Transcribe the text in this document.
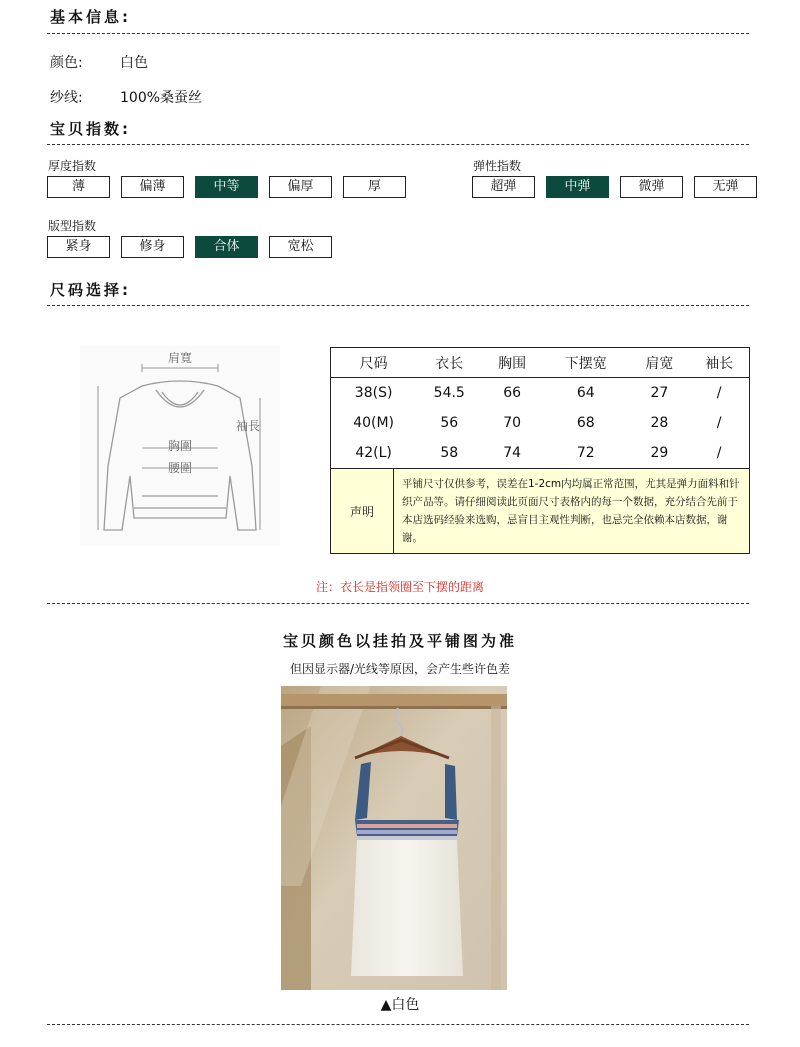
基本信息:
颜色:	白色
纱线:	100%桑蚕丝
宝贝指数:
厚度指数
薄	偏薄	中等	偏厚	厚
弹性指数
超弹	中弹	微弹	无弹
版型指数
紧身	修身	合体	宽松
尺码选择:
肩寬
袖長
胸圍
腰圍
尺码	衣长	胸围	下摆宽	肩宽	袖长
38(S)	54.5	66	64	27	/
40(M)	56	70	68	28	/
42(L)	58	74	72	29	/
声明
平铺尺寸仅供参考，误差在1-2cm内均属正常范围，尤其是弹力面料和针织产品等。请仔细阅读此页面尺寸表格内的每一个数据，充分结合先前于本店选码经验来选购，忌盲目主观性判断，也忌完全依赖本店数据，谢谢。
注：衣长是指领圈至下摆的距离
宝贝颜色以挂拍及平铺图为准
但因显示器/光线等原因，会产生些许色差
▲白色
